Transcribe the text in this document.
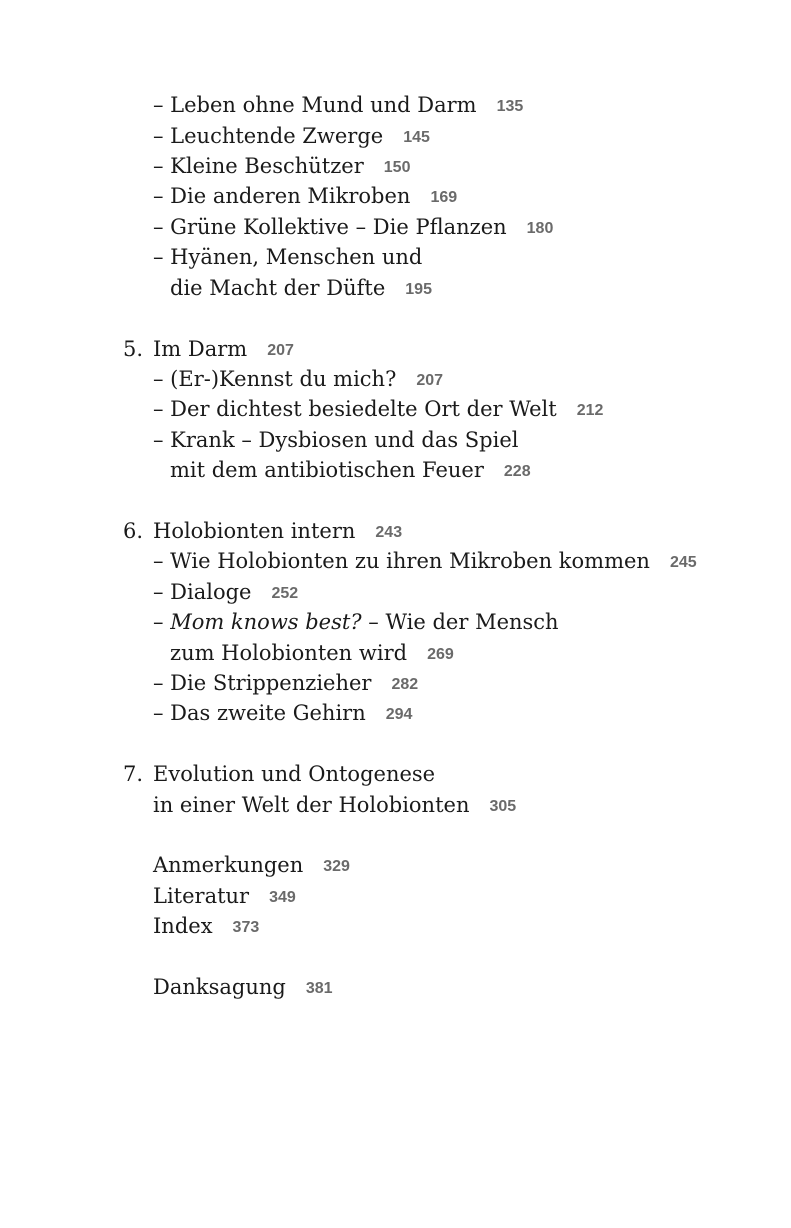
– Leben ohne Mund und Darm 135
– Leuchtende Zwerge 145
– Kleine Beschützer 150
– Die anderen Mikroben 169
– Grüne Kollektive – Die Pflanzen 180
– Hyänen, Menschen und
die Macht der Düfte 195
5. Im Darm 207
– (Er-)Kennst du mich? 207
– Der dichtest besiedelte Ort der Welt 212
– Krank – Dysbiosen und das Spiel
mit dem antibiotischen Feuer 228
6. Holobionten intern 243
– Wie Holobionten zu ihren Mikroben kommen 245
– Dialoge 252
– Mom knows best? – Wie der Mensch
zum Holobionten wird 269
– Die Strippenzieher 282
– Das zweite Gehirn 294
7. Evolution und Ontogenese
in einer Welt der Holobionten 305
Anmerkungen 329
Literatur 349
Index 373
Danksagung 381
